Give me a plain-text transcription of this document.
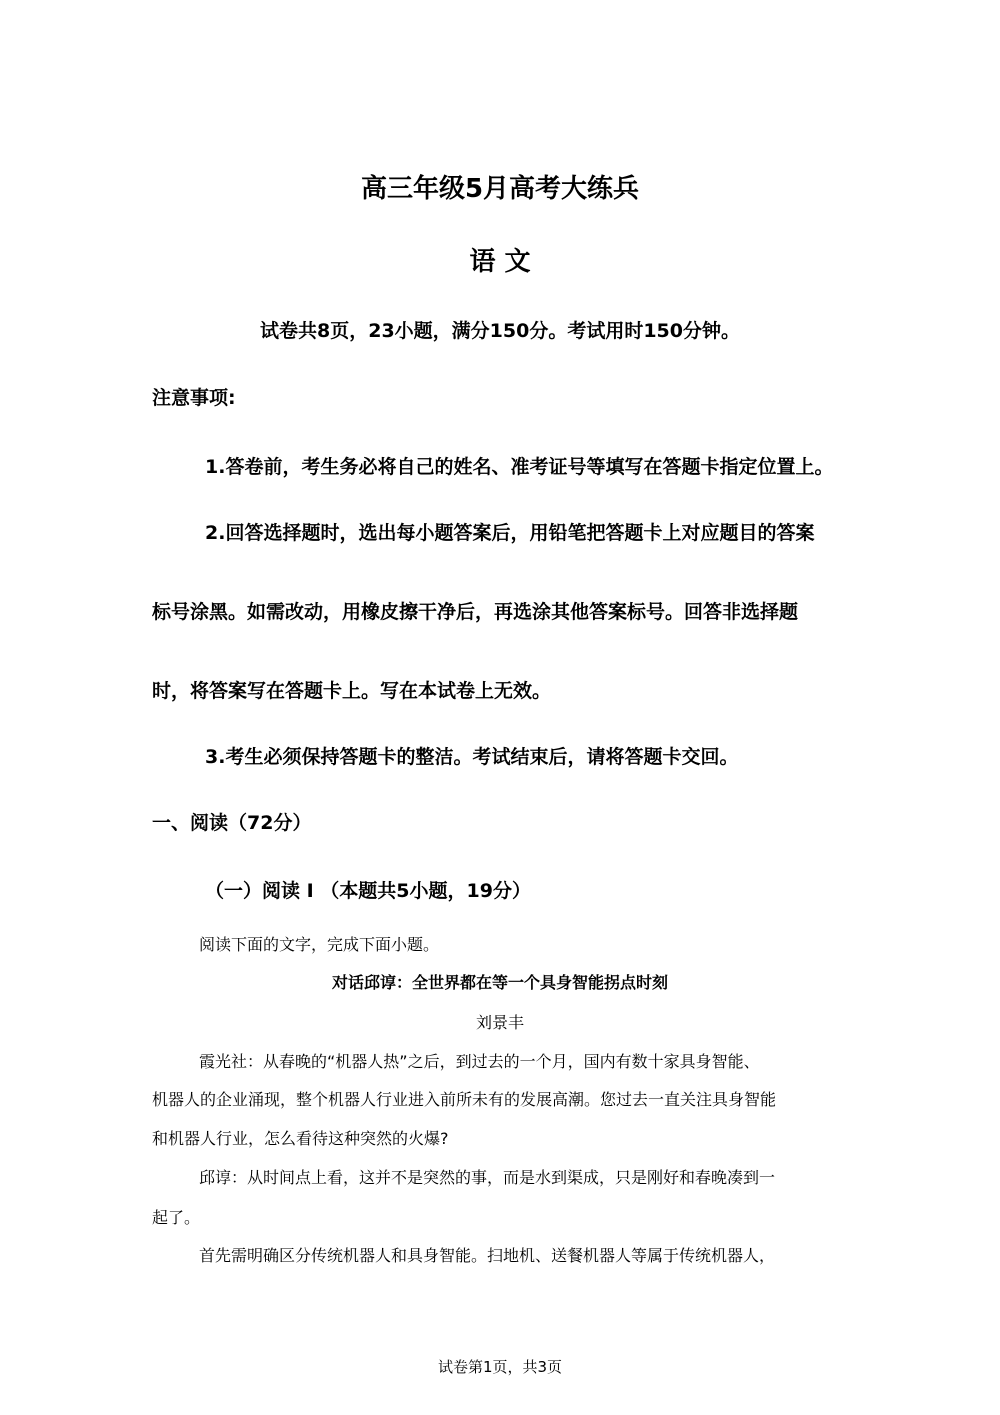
高三年级5月高考大练兵
语 文
试卷共8页，23小题，满分150分。考试用时150分钟。
注意事项:
1.答卷前，考生务必将自己的姓名、准考证号等填写在答题卡指定位置上。
2.回答选择题时，选出每小题答案后，用铅笔把答题卡上对应题目的答案
标号涂黑。如需改动，用橡皮擦干净后，再选涂其他答案标号。回答非选择题
时，将答案写在答题卡上。写在本试卷上无效。
3.考生必须保持答题卡的整洁。考试结束后，请将答题卡交回。
一、阅读（72分）
（一）阅读 I （本题共5小题，19分）
阅读下面的文字，完成下面小题。
对话邱谆：全世界都在等一个具身智能拐点时刻
刘景丰
霞光社：从春晚的“机器人热”之后，到过去的一个月，国内有数十家具身智能、
机器人的企业涌现，整个机器人行业进入前所未有的发展高潮。您过去一直关注具身智能
和机器人行业，怎么看待这种突然的火爆?
邱谆：从时间点上看，这并不是突然的事，而是水到渠成，只是刚好和春晚凑到一
起了。
首先需明确区分传统机器人和具身智能。扫地机、送餐机器人等属于传统机器人，
试卷第1页，共3页
